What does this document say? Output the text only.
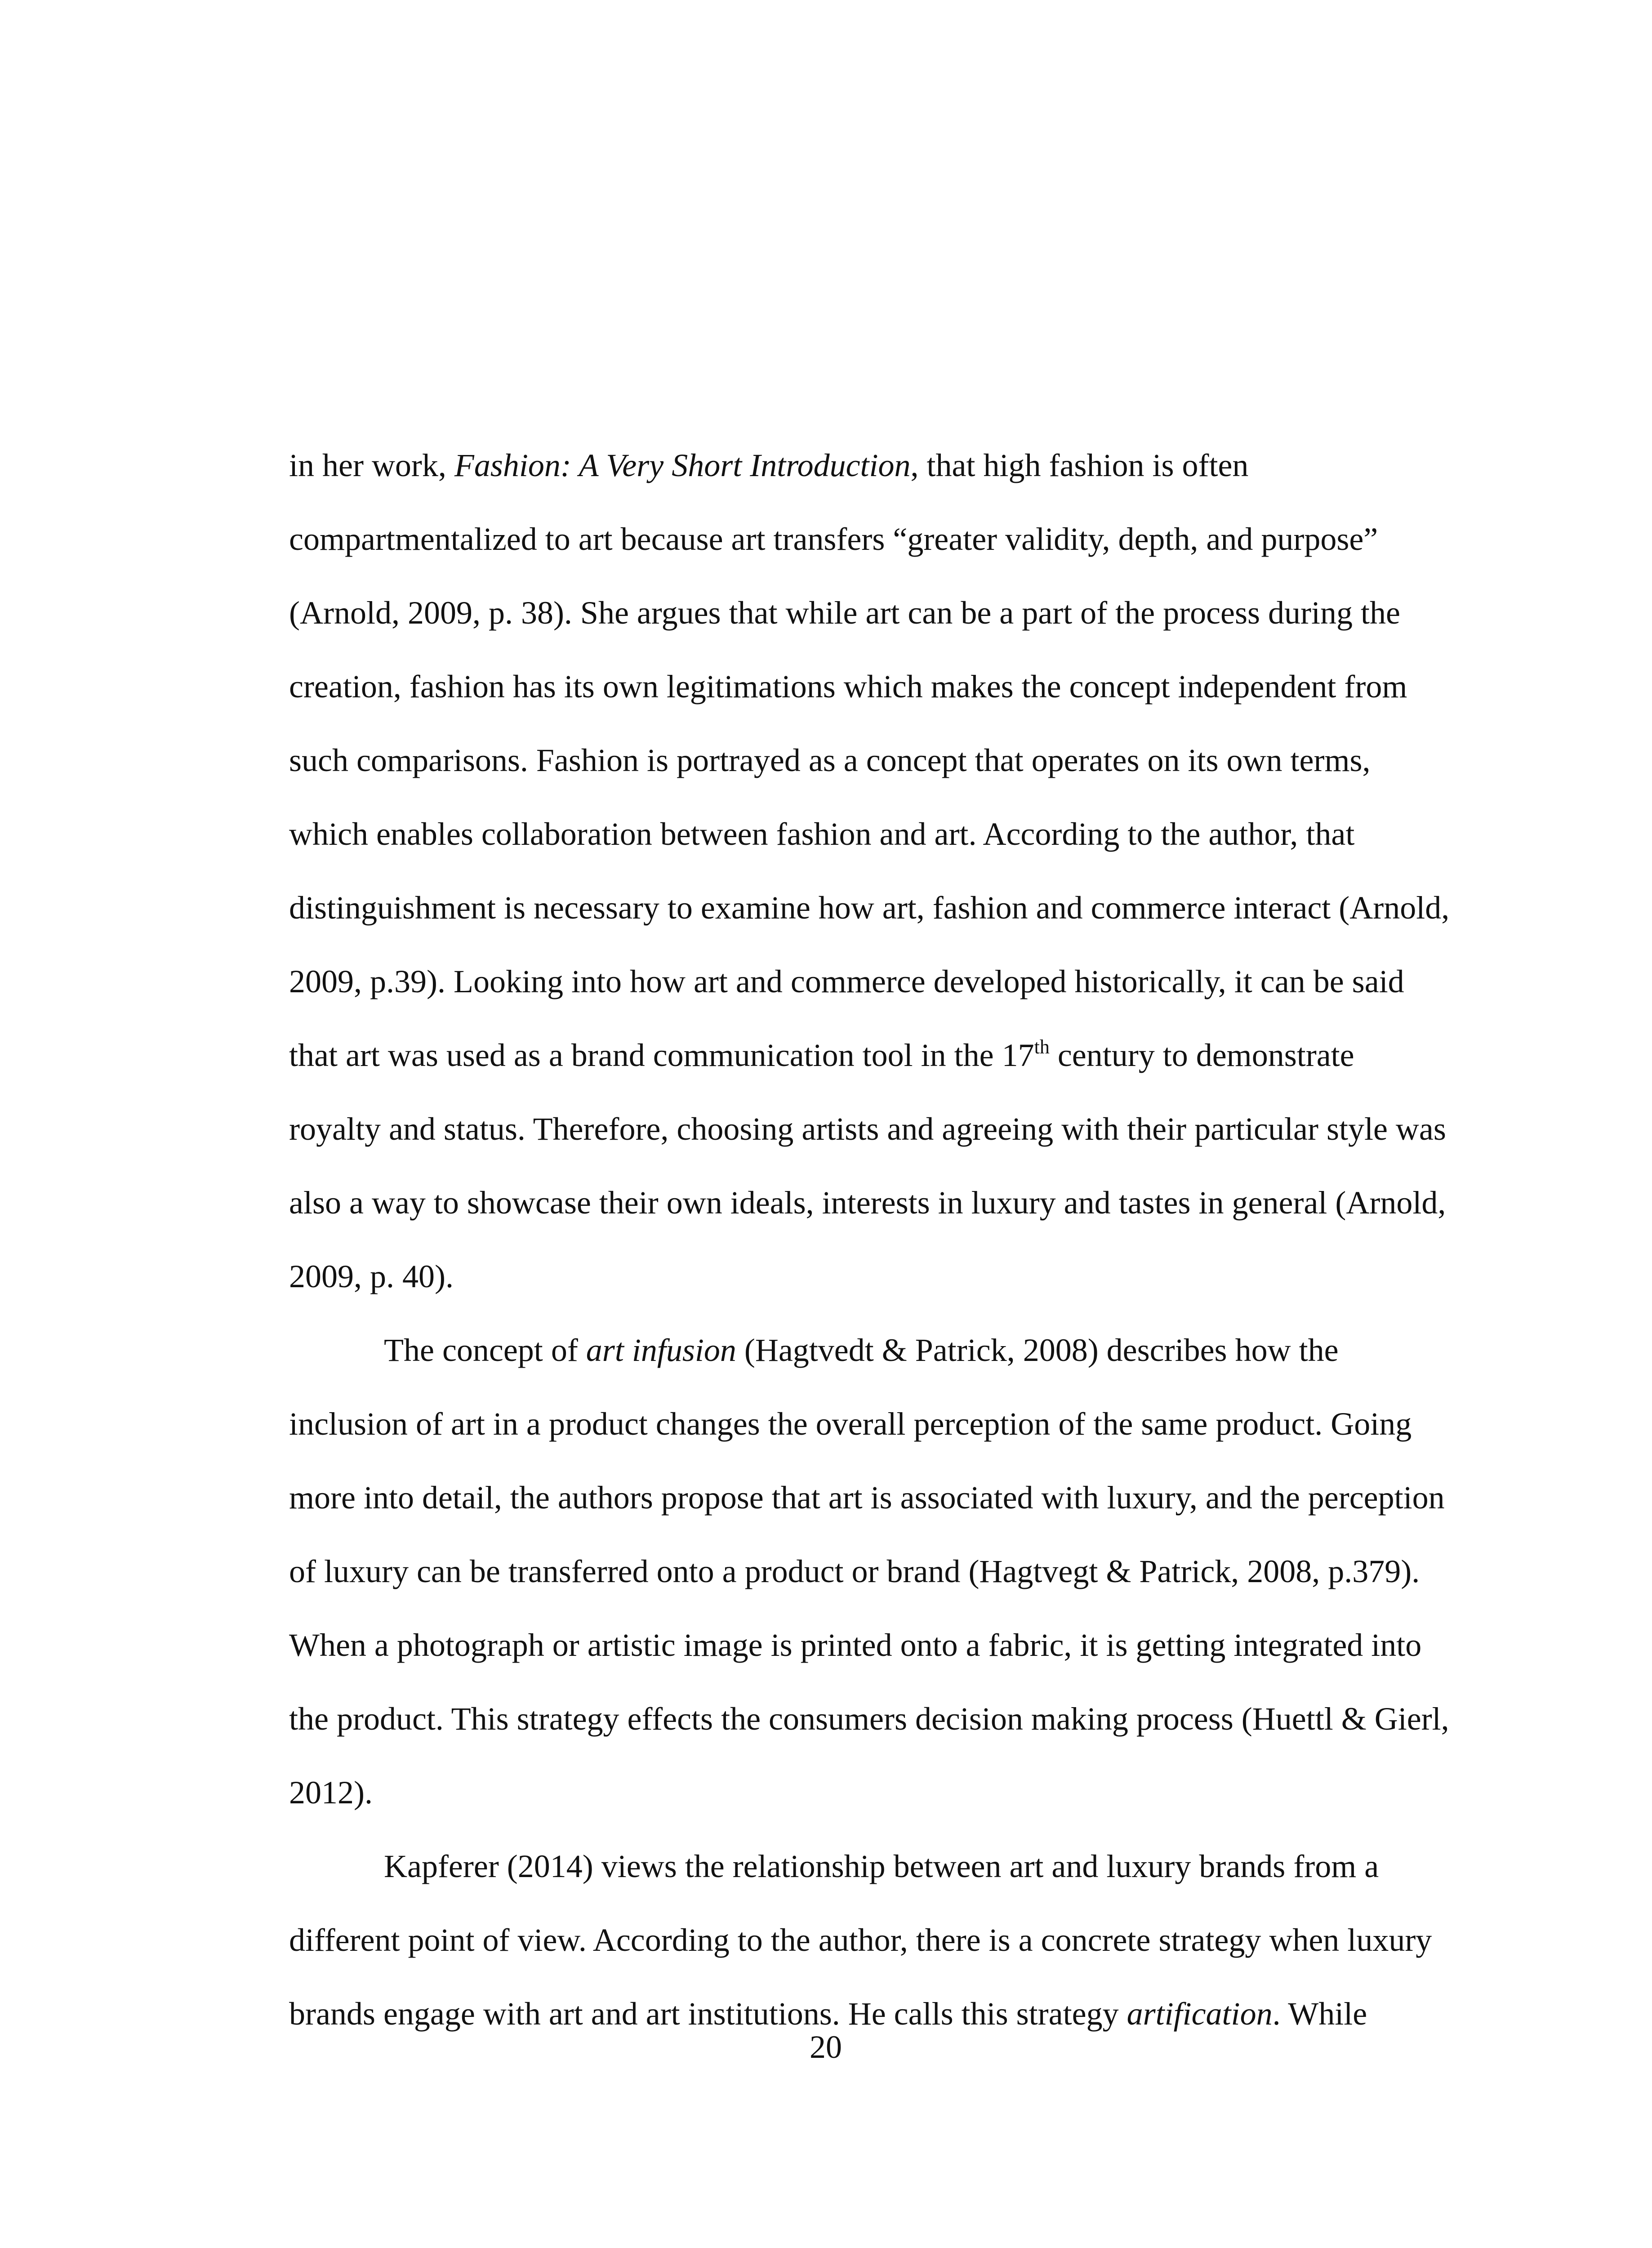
in her work, Fashion: A Very Short Introduction, that high fashion is often
compartmentalized to art because art transfers “greater validity, depth, and purpose”
(Arnold, 2009, p. 38). She argues that while art can be a part of the process during the
creation, fashion has its own legitimations which makes the concept independent from
such comparisons. Fashion is portrayed as a concept that operates on its own terms,
which enables collaboration between fashion and art. According to the author, that
distinguishment is necessary to examine how art, fashion and commerce interact (Arnold,
2009, p.39). Looking into how art and commerce developed historically, it can be said
that art was used as a brand communication tool in the 17th century to demonstrate
royalty and status. Therefore, choosing artists and agreeing with their particular style was
also a way to showcase their own ideals, interests in luxury and tastes in general (Arnold,
2009, p. 40).
The concept of art infusion (Hagtvedt & Patrick, 2008) describes how the
inclusion of art in a product changes the overall perception of the same product. Going
more into detail, the authors propose that art is associated with luxury, and the perception
of luxury can be transferred onto a product or brand (Hagtvegt & Patrick, 2008, p.379).
When a photograph or artistic image is printed onto a fabric, it is getting integrated into
the product. This strategy effects the consumers decision making process (Huettl & Gierl,
2012).
Kapferer (2014) views the relationship between art and luxury brands from a
different point of view. According to the author, there is a concrete strategy when luxury
brands engage with art and art institutions. He calls this strategy artification. While
20
